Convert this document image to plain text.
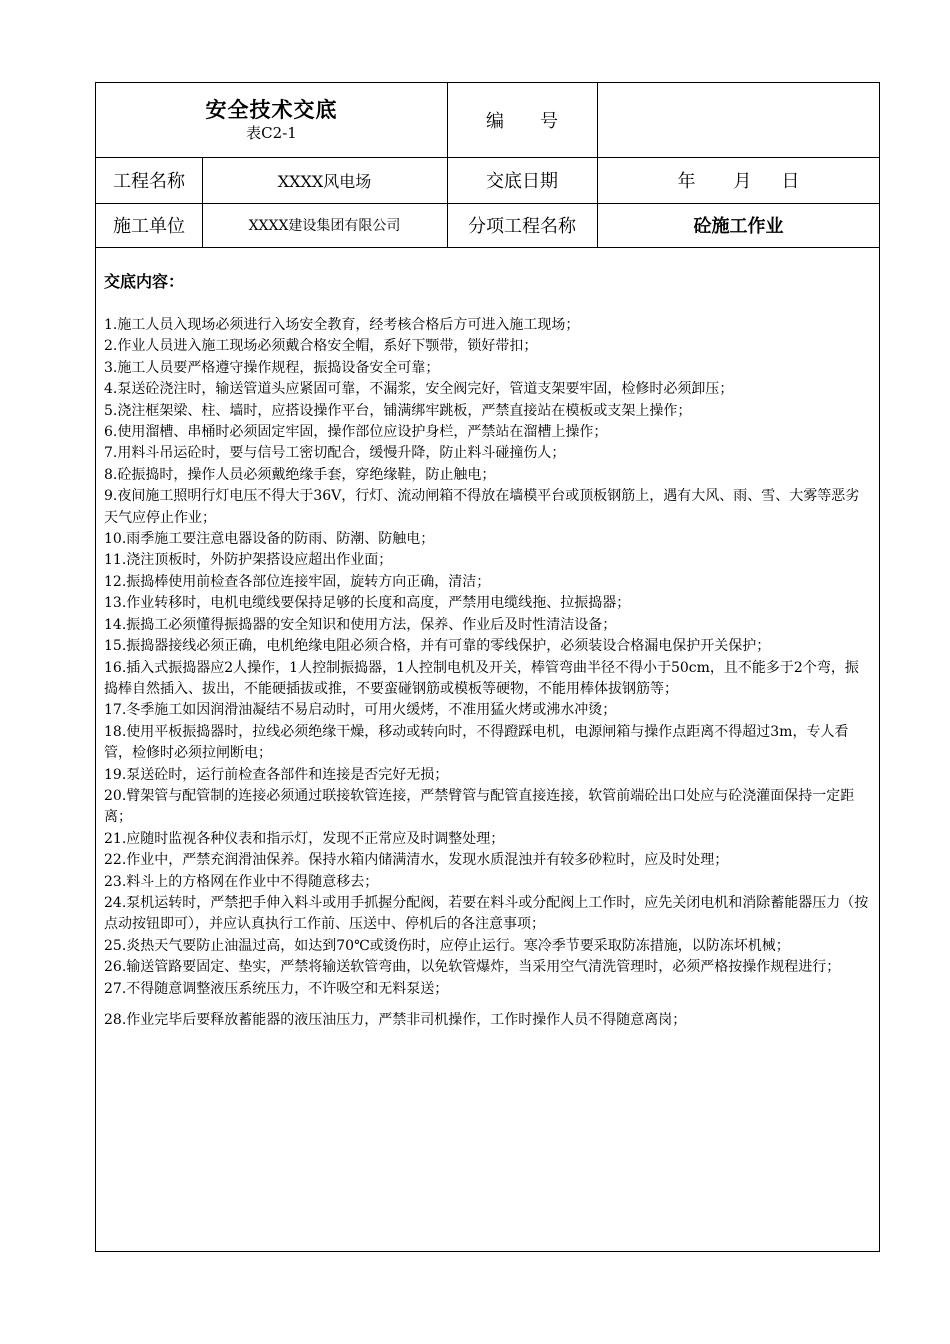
安全技术交底
表C2-1
编　　号
工程名称	XXXX风电场	交底日期	年 月 日
施工单位	XXXX建设集团有限公司	分项工程名称	砼施工作业
交底内容：
1.施工人员入现场必须进行入场安全教育，经考核合格后方可进入施工现场；
2.作业人员进入施工现场必须戴合格安全帽，系好下颚带，锁好带扣；
3.施工人员要严格遵守操作规程，振捣设备安全可靠；
4.泵送砼浇注时，输送管道头应紧固可靠，不漏浆，安全阀完好，管道支架要牢固，检修时必须卸压；
5.浇注框架梁、柱、墙时，应搭设操作平台，铺满绑牢跳板，严禁直接站在模板或支架上操作；
6.使用溜槽、串桶时必须固定牢固，操作部位应设护身栏，严禁站在溜槽上操作；
7.用料斗吊运砼时，要与信号工密切配合，缓慢升降，防止料斗碰撞伤人；
8.砼振捣时，操作人员必须戴绝缘手套，穿绝缘鞋，防止触电；
9.夜间施工照明行灯电压不得大于36V，行灯、流动闸箱不得放在墙模平台或顶板钢筋上，遇有大风、雨、雪、大雾等恶劣天气应停止作业；
10.雨季施工要注意电器设备的防雨、防潮、防触电；
11.浇注顶板时，外防护架搭设应超出作业面；
12.振捣棒使用前检查各部位连接牢固，旋转方向正确，清洁；
13.作业转移时，电机电缆线要保持足够的长度和高度，严禁用电缆线拖、拉振捣器；
14.振捣工必须懂得振捣器的安全知识和使用方法，保养、作业后及时性清洁设备；
15.振捣器接线必须正确，电机绝缘电阻必须合格，并有可靠的零线保护，必须装设合格漏电保护开关保护；
16.插入式振捣器应2人操作，1人控制振捣器，1人控制电机及开关，棒管弯曲半径不得小于50cm，且不能多于2个弯，振捣棒自然插入、拔出，不能硬插拔或推，不要蛮碰钢筋或模板等硬物，不能用棒体拔钢筋等；
17.冬季施工如因润滑油凝结不易启动时，可用火缓烤，不准用猛火烤或沸水冲烫；
18.使用平板振捣器时，拉线必须绝缘干燥，移动或转向时，不得蹬踩电机，电源闸箱与操作点距离不得超过3m，专人看管，检修时必须拉闸断电；
19.泵送砼时，运行前检查各部件和连接是否完好无损；
20.臂架管与配管制的连接必须通过联接软管连接，严禁臂管与配管直接连接，软管前端砼出口处应与砼浇灌面保持一定距离；
21.应随时监视各种仪表和指示灯，发现不正常应及时调整处理；
22.作业中，严禁充润滑油保养。保持水箱内储满清水，发现水质混浊并有较多砂粒时，应及时处理；
23.料斗上的方格网在作业中不得随意移去；
24.泵机运转时，严禁把手伸入料斗或用手抓握分配阀，若要在料斗或分配阀上工作时，应先关闭电机和消除蓄能器压力（按点动按钮即可），并应认真执行工作前、压送中、停机后的各注意事项；
25.炎热天气要防止油温过高，如达到70℃或烫伤时，应停止运行。寒冷季节要采取防冻措施，以防冻坏机械；
26.输送管路要固定、垫实，严禁将输送软管弯曲，以免软管爆炸，当采用空气清洗管理时，必须严格按操作规程进行；
27.不得随意调整液压系统压力，不许吸空和无料泵送；
28.作业完毕后要释放蓄能器的液压油压力，严禁非司机操作，工作时操作人员不得随意离岗；
